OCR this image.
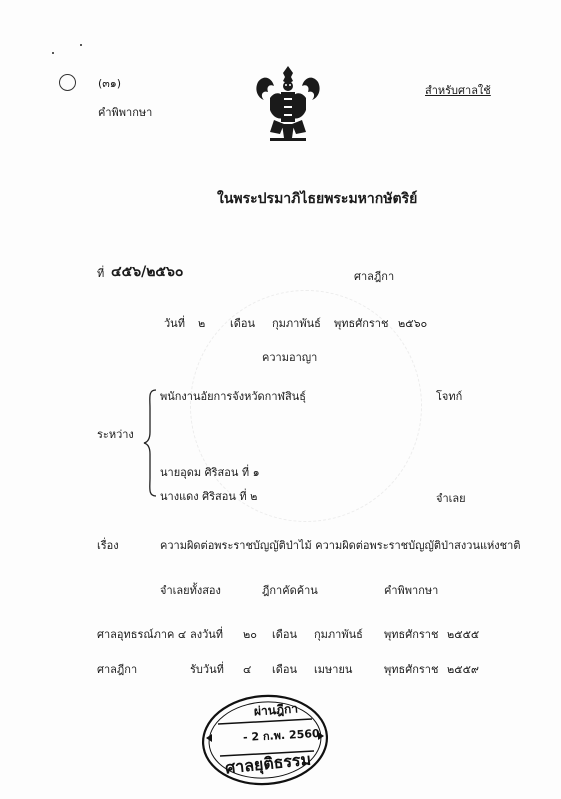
(๓๑)
คำพิพากษา
สำหรับศาลใช้
ในพระปรมาภิไธยพระมหากษัตริย์
ที่ ๔๕๖/๒๕๖๐	ศาลฎีกา
วันที่ ๒ เดือน กุมภาพันธ์ พุทธศักราช ๒๕๖๐
ความอาญา
ระหว่าง
พนักงานอัยการจังหวัดกาฬสินธุ์	โจทก์
นายอุดม ศิริสอน ที่ ๑
นางแดง ศิริสอน ที่ ๒	จำเลย
เรื่อง	ความผิดต่อพระราชบัญญัติป่าไม้ ความผิดต่อพระราชบัญญัติป่าสงวนแห่งชาติ
จำเลยทั้งสอง	ฎีกาคัดค้าน	คำพิพากษา
ศาลอุทธรณ์ภาค ๔ ลงวันที่ ๒๐ เดือน กุมภาพันธ์ พุทธศักราช ๒๕๕๕
ศาลฎีกา	รับวันที่ ๔ เดือน เมษายน	พุทธศักราช ๒๕๕๙
ผ่านฎีกา
- 2 ก.พ. 2560
ศาลยุติธรรม
